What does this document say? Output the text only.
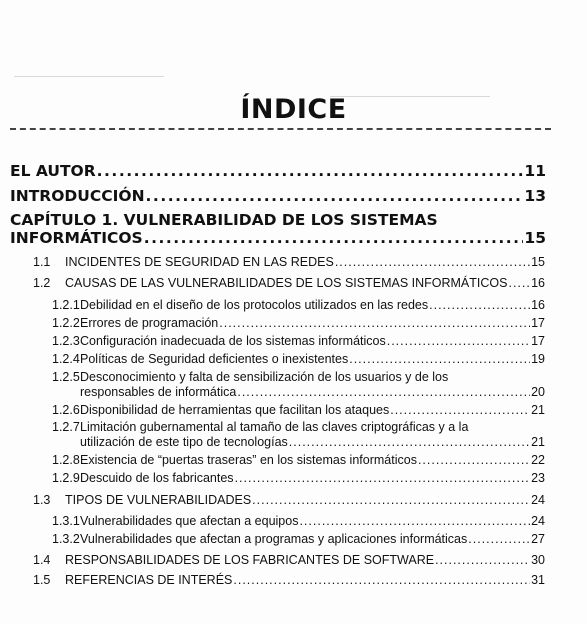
ÍNDICE
EL AUTOR .....	11
INTRODUCCIÓN .....	13
CAPÍTULO 1. VULNERABILIDAD DE LOS SISTEMAS
INFORMÁTICOS .....	15
1.1	INCIDENTES DE SEGURIDAD EN LAS REDES .....	15
1.2	CAUSAS DE LAS VULNERABILIDADES DE LOS SISTEMAS INFORMÁTICOS ..... 16
1.2.1 Debilidad en el diseño de los protocolos utilizados en las redes .....	16
1.2.2 Errores de programación .....	17
1.2.3 Configuración inadecuada de los sistemas informáticos .....	17
1.2.4 Políticas de Seguridad deficientes o inexistentes .....	19
1.2.5 Desconocimiento y falta de sensibilización de los usuarios y de los
responsables de informática .....	20
1.2.6 Disponibilidad de herramientas que facilitan los ataques .....	21
1.2.7 Limitación gubernamental al tamaño de las claves criptográficas y a la
utilización de este tipo de tecnologías .....	21
1.2.8 Existencia de “puertas traseras” en los sistemas informáticos .....	22
1.2.9 Descuido de los fabricantes .....	23
1.3	TIPOS DE VULNERABILIDADES .....	24
1.3.1 Vulnerabilidades que afectan a equipos .....	24
1.3.2 Vulnerabilidades que afectan a programas y aplicaciones informáticas .....	27
1.4	RESPONSABILIDADES DE LOS FABRICANTES DE SOFTWARE .....	30
1.5	REFERENCIAS DE INTERÉS .....	31
